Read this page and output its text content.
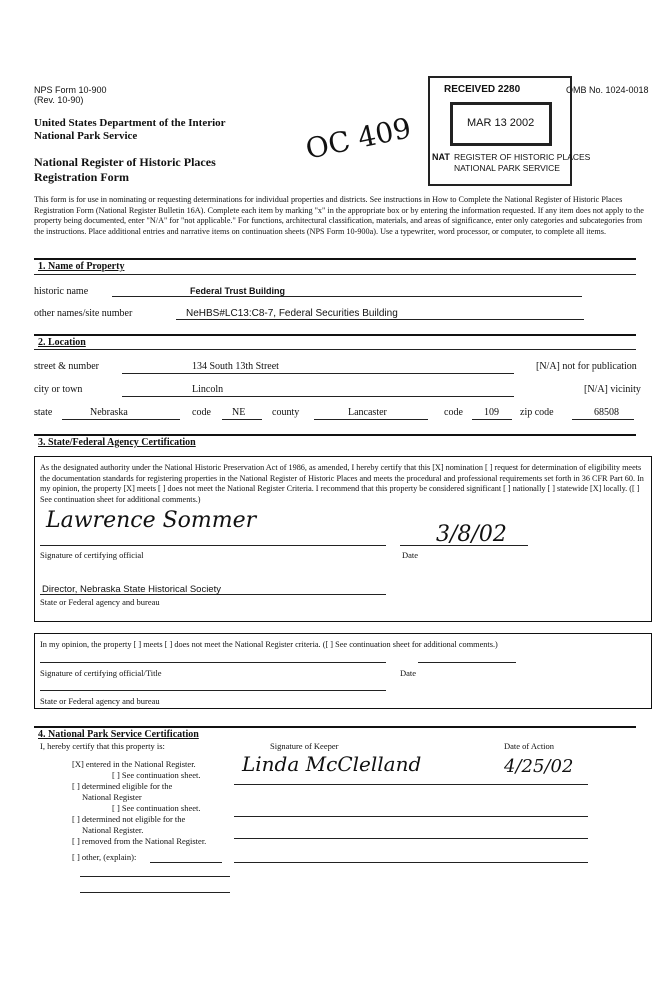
NPS Form 10-900
(Rev. 10-90)
OMB No. 1024-0018
United States Department of the Interior
National Park Service
National Register of Historic Places
Registration Form
This form is for use in nominating or requesting determinations for individual properties and districts. See instructions in How to Complete the National Register of Historic Places Registration Form (National Register Bulletin 16A). Complete each item by marking "x" in the appropriate box or by entering the information requested. If any item does not apply to the property being documented, enter "N/A" for "not applicable." For functions, architectural classification, materials, and areas of significance, enter only categories and subcategories from the instructions. Place additional entries and narrative items on continuation sheets (NPS Form 10-900a). Use a typewriter, word processor, or computer, to complete all items.
OC 409
RECEIVED 2280
MAR 13 2002
NAT REGISTER OF HISTORIC PLACES
NATIONAL PARK SERVICE
1. Name of Property
historic name	Federal Trust Building
other names/site number	NeHBS#LC13:C8-7, Federal Securities Building
2. Location
street & number	134 South 13th Street	[N/A] not for publication
city or town	Lincoln	[N/A] vicinity
state	Nebraska	code NE	county	Lancaster	code 109 zip code	68508
3. State/Federal Agency Certification
As the designated authority under the National Historic Preservation Act of 1986, as amended, I hereby certify that this [X] nomination [ ] request for determination of eligibility meets the documentation standards for registering properties in the National Register of Historic Places and meets the procedural and professional requirements set forth in 36 CFR Part 60. In my opinion, the property [X] meets [ ] does not meet the National Register Criteria. I recommend that this property be considered significant [ ] nationally [ ] statewide [X] locally. ([ ] See continuation sheet for additional comments.)
Lawrence Sommer
Signature of certifying official
3/8/02
Date
Director, Nebraska State Historical Society
State or Federal agency and bureau
In my opinion, the property [ ] meets [ ] does not meet the National Register criteria. ([ ] See continuation sheet for additional comments.)
Signature of certifying official/Title	Date
State or Federal agency and bureau
4. National Park Service Certification
I, hereby certify that this property is:	Signature of Keeper	Date of Action
Linda McClelland	4/25/02
[X] entered in the National Register.
[ ] See continuation sheet.
[ ] determined eligible for the
National Register
[ ] See continuation sheet.
[ ] determined not eligible for the
National Register.
[ ] removed from the National Register.
[ ] other, (explain):
